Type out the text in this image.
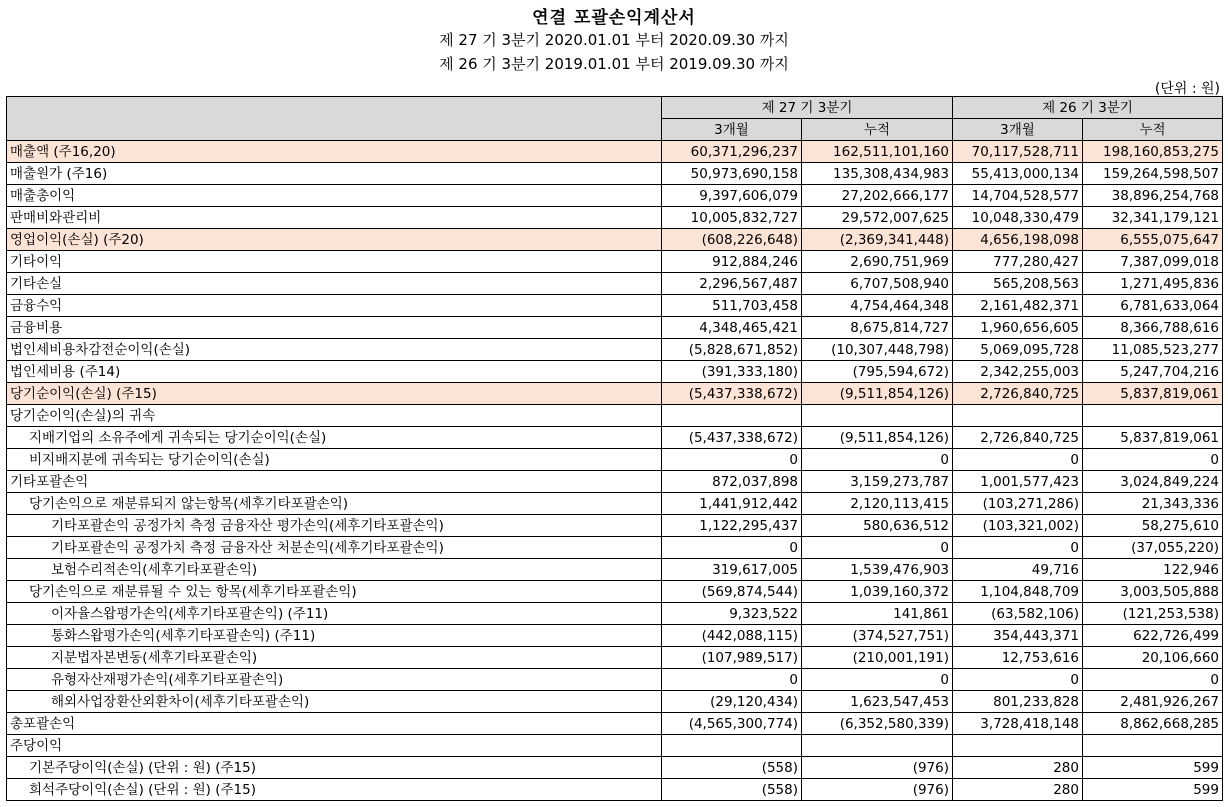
연결 포괄손익계산서
제 27 기 3분기 2020.01.01 부터 2020.09.30 까지
제 26 기 3분기 2019.01.01 부터 2019.09.30 까지
(단위 : 원)
	제 27 기 3분기		제 26 기 3분기	
	3개월	누적	3개월	누적
매출액 (주16,20)	60,371,296,237	162,511,101,160	70,117,528,711	198,160,853,275
매출원가 (주16)	50,973,690,158	135,308,434,983	55,413,000,134	159,264,598,507
매출총이익	9,397,606,079	27,202,666,177	14,704,528,577	38,896,254,768
판매비와관리비	10,005,832,727	29,572,007,625	10,048,330,479	32,341,179,121
영업이익(손실) (주20)	(608,226,648)	(2,369,341,448)	4,656,198,098	6,555,075,647
기타이익	912,884,246	2,690,751,969	777,280,427	7,387,099,018
기타손실	2,296,567,487	6,707,508,940	565,208,563	1,271,495,836
금융수익	511,703,458	4,754,464,348	2,161,482,371	6,781,633,064
금융비용	4,348,465,421	8,675,814,727	1,960,656,605	8,366,788,616
법인세비용차감전순이익(손실)	(5,828,671,852)	(10,307,448,798)	5,069,095,728	11,085,523,277
법인세비용 (주14)	(391,333,180)	(795,594,672)	2,342,255,003	5,247,704,216
당기순이익(손실) (주15)	(5,437,338,672)	(9,511,854,126)	2,726,840,725	5,837,819,061
당기순이익(손실)의 귀속				
지배기업의 소유주에게 귀속되는 당기순이익(손실)	(5,437,338,672)	(9,511,854,126)	2,726,840,725	5,837,819,061
비지배지분에 귀속되는 당기순이익(손실)	0	0	0	0
기타포괄손익	872,037,898	3,159,273,787	1,001,577,423	3,024,849,224
당기손익으로 재분류되지 않는항목(세후기타포괄손익)	1,441,912,442	2,120,113,415	(103,271,286)	21,343,336
기타포괄손익 공정가치 측정 금융자산 평가손익(세후기타포괄손익)	1,122,295,437	580,636,512	(103,321,002)	58,275,610
기타포괄손익 공정가치 측정 금융자산 처분손익(세후기타포괄손익)	0	0	0	(37,055,220)
보험수리적손익(세후기타포괄손익)	319,617,005	1,539,476,903	49,716	122,946
당기손익으로 재분류될 수 있는 항목(세후기타포괄손익)	(569,874,544)	1,039,160,372	1,104,848,709	3,003,505,888
이자율스왑평가손익(세후기타포괄손익) (주11)	9,323,522	141,861	(63,582,106)	(121,253,538)
통화스왑평가손익(세후기타포괄손익) (주11)	(442,088,115)	(374,527,751)	354,443,371	622,726,499
지분법자본변동(세후기타포괄손익)	(107,989,517)	(210,001,191)	12,753,616	20,106,660
유형자산재평가손익(세후기타포괄손익)	0	0	0	0
해외사업장환산외환차이(세후기타포괄손익)	(29,120,434)	1,623,547,453	801,233,828	2,481,926,267
총포괄손익	(4,565,300,774)	(6,352,580,339)	3,728,418,148	8,862,668,285
주당이익				
기본주당이익(손실) (단위 : 원) (주15)	(558)	(976)	280	599
희석주당이익(손실) (단위 : 원) (주15)	(558)	(976)	280	599
